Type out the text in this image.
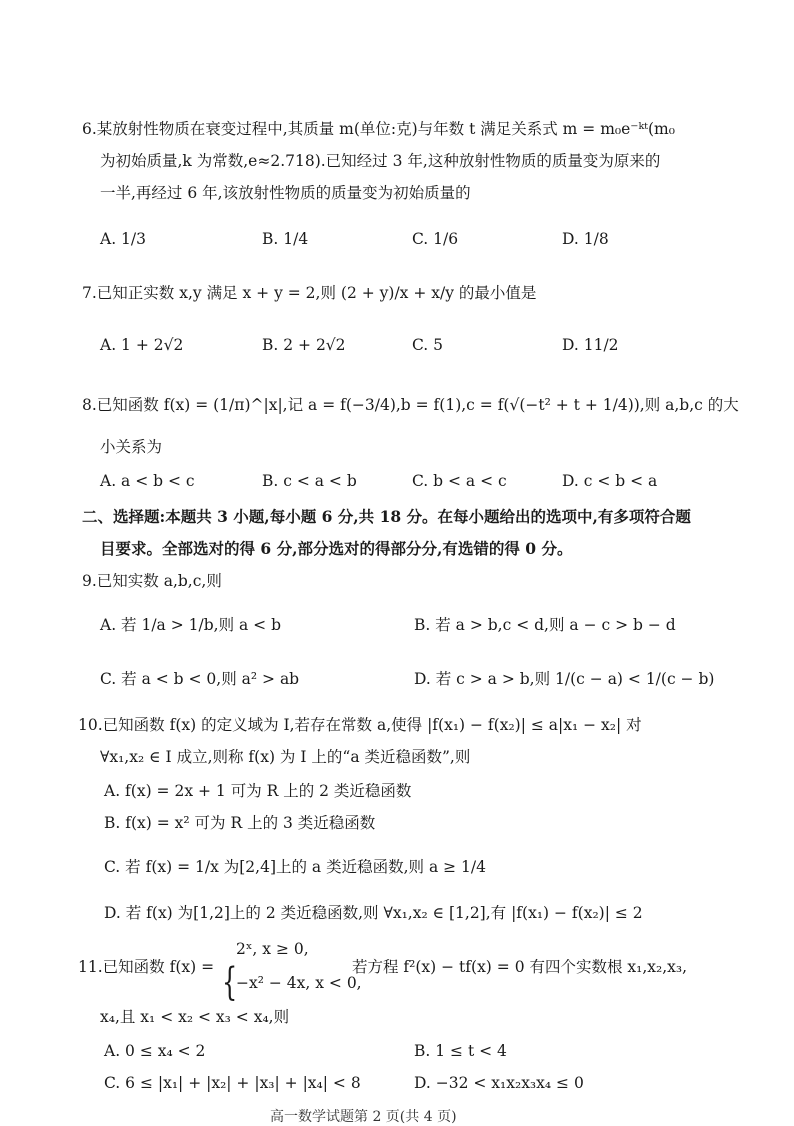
6.某放射性物质在衰变过程中,其质量 m(单位:克)与年数 t 满足关系式 m = m₀e⁻ᵏᵗ(m₀
为初始质量,k 为常数,e≈2.718).已知经过 3 年,这种放射性物质的质量变为原来的
一半,再经过 6 年,该放射性物质的质量变为初始质量的
A. 1/3	B. 1/4	C. 1/6	D. 1/8
7.已知正实数 x,y 满足 x + y = 2,则 (2 + y)/x + x/y 的最小值是
A. 1 + 2√2	B. 2 + 2√2	C. 5	D. 11/2
8.已知函数 f(x) = (1/π)^|x|,记 a = f(−3/4),b = f(1),c = f(√(−t² + t + 1/4)),则 a,b,c 的大
小关系为
A. a < b < c	B. c < a < b	C. b < a < c	D. c < b < a
二、选择题:本题共 3 小题,每小题 6 分,共 18 分。在每小题给出的选项中,有多项符合题
目要求。全部选对的得 6 分,部分选对的得部分分,有选错的得 0 分。
9.已知实数 a,b,c,则
A. 若 1/a > 1/b,则 a < b	B. 若 a > b,c < d,则 a − c > b − d
C. 若 a < b < 0,则 a² > ab	D. 若 c > a > b,则 1/(c − a) < 1/(c − b)
10.已知函数 f(x) 的定义域为 I,若存在常数 a,使得 |f(x₁) − f(x₂)| ≤ a|x₁ − x₂| 对
∀x₁,x₂ ∈ I 成立,则称 f(x) 为 I 上的“a 类近稳函数”,则
A. f(x) = 2x + 1 可为 R 上的 2 类近稳函数
B. f(x) = x² 可为 R 上的 3 类近稳函数
C. 若 f(x) = 1/x 为[2,4]上的 a 类近稳函数,则 a ≥ 1/4
D. 若 f(x) 为[1,2]上的 2 类近稳函数,则 ∀x₁,x₂ ∈ [1,2],有 |f(x₁) − f(x₂)| ≤ 2
11.已知函数 f(x) = {
2ˣ, x ≥ 0,
−x² − 4x, x < 0,
若方程 f²(x) − tf(x) = 0 有四个实数根 x₁,x₂,x₃,
x₄,且 x₁ < x₂ < x₃ < x₄,则
A. 0 ≤ x₄ < 2	B. 1 ≤ t < 4
C. 6 ≤ |x₁| + |x₂| + |x₃| + |x₄| < 8	D. −32 < x₁x₂x₃x₄ ≤ 0
高一数学试题第 2 页(共 4 页)
